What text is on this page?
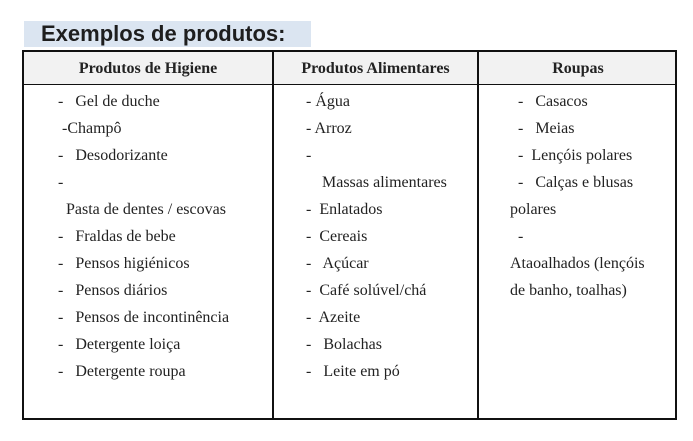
Exemplos de produtos:
Produtos de Higiene	Produtos Alimentares	Roupas
-   Gel de duche
-Champô
-   Desodorizante
-
Pasta de dentes / escovas
-   Fraldas de bebe
-   Pensos higiénicos
-   Pensos diários
-   Pensos de incontinência
-   Detergente loiça
-   Detergente roupa
- Água
- Arroz
-
Massas alimentares
-  Enlatados
-  Cereais
-   Açúcar
-  Café solúvel/chá
-  Azeite
-   Bolachas
-   Leite em pó
-   Casacos
-   Meias
-  Lençóis polares
-   Calças e blusas
polares
-
Ataoalhados (lençóis
de banho, toalhas)
